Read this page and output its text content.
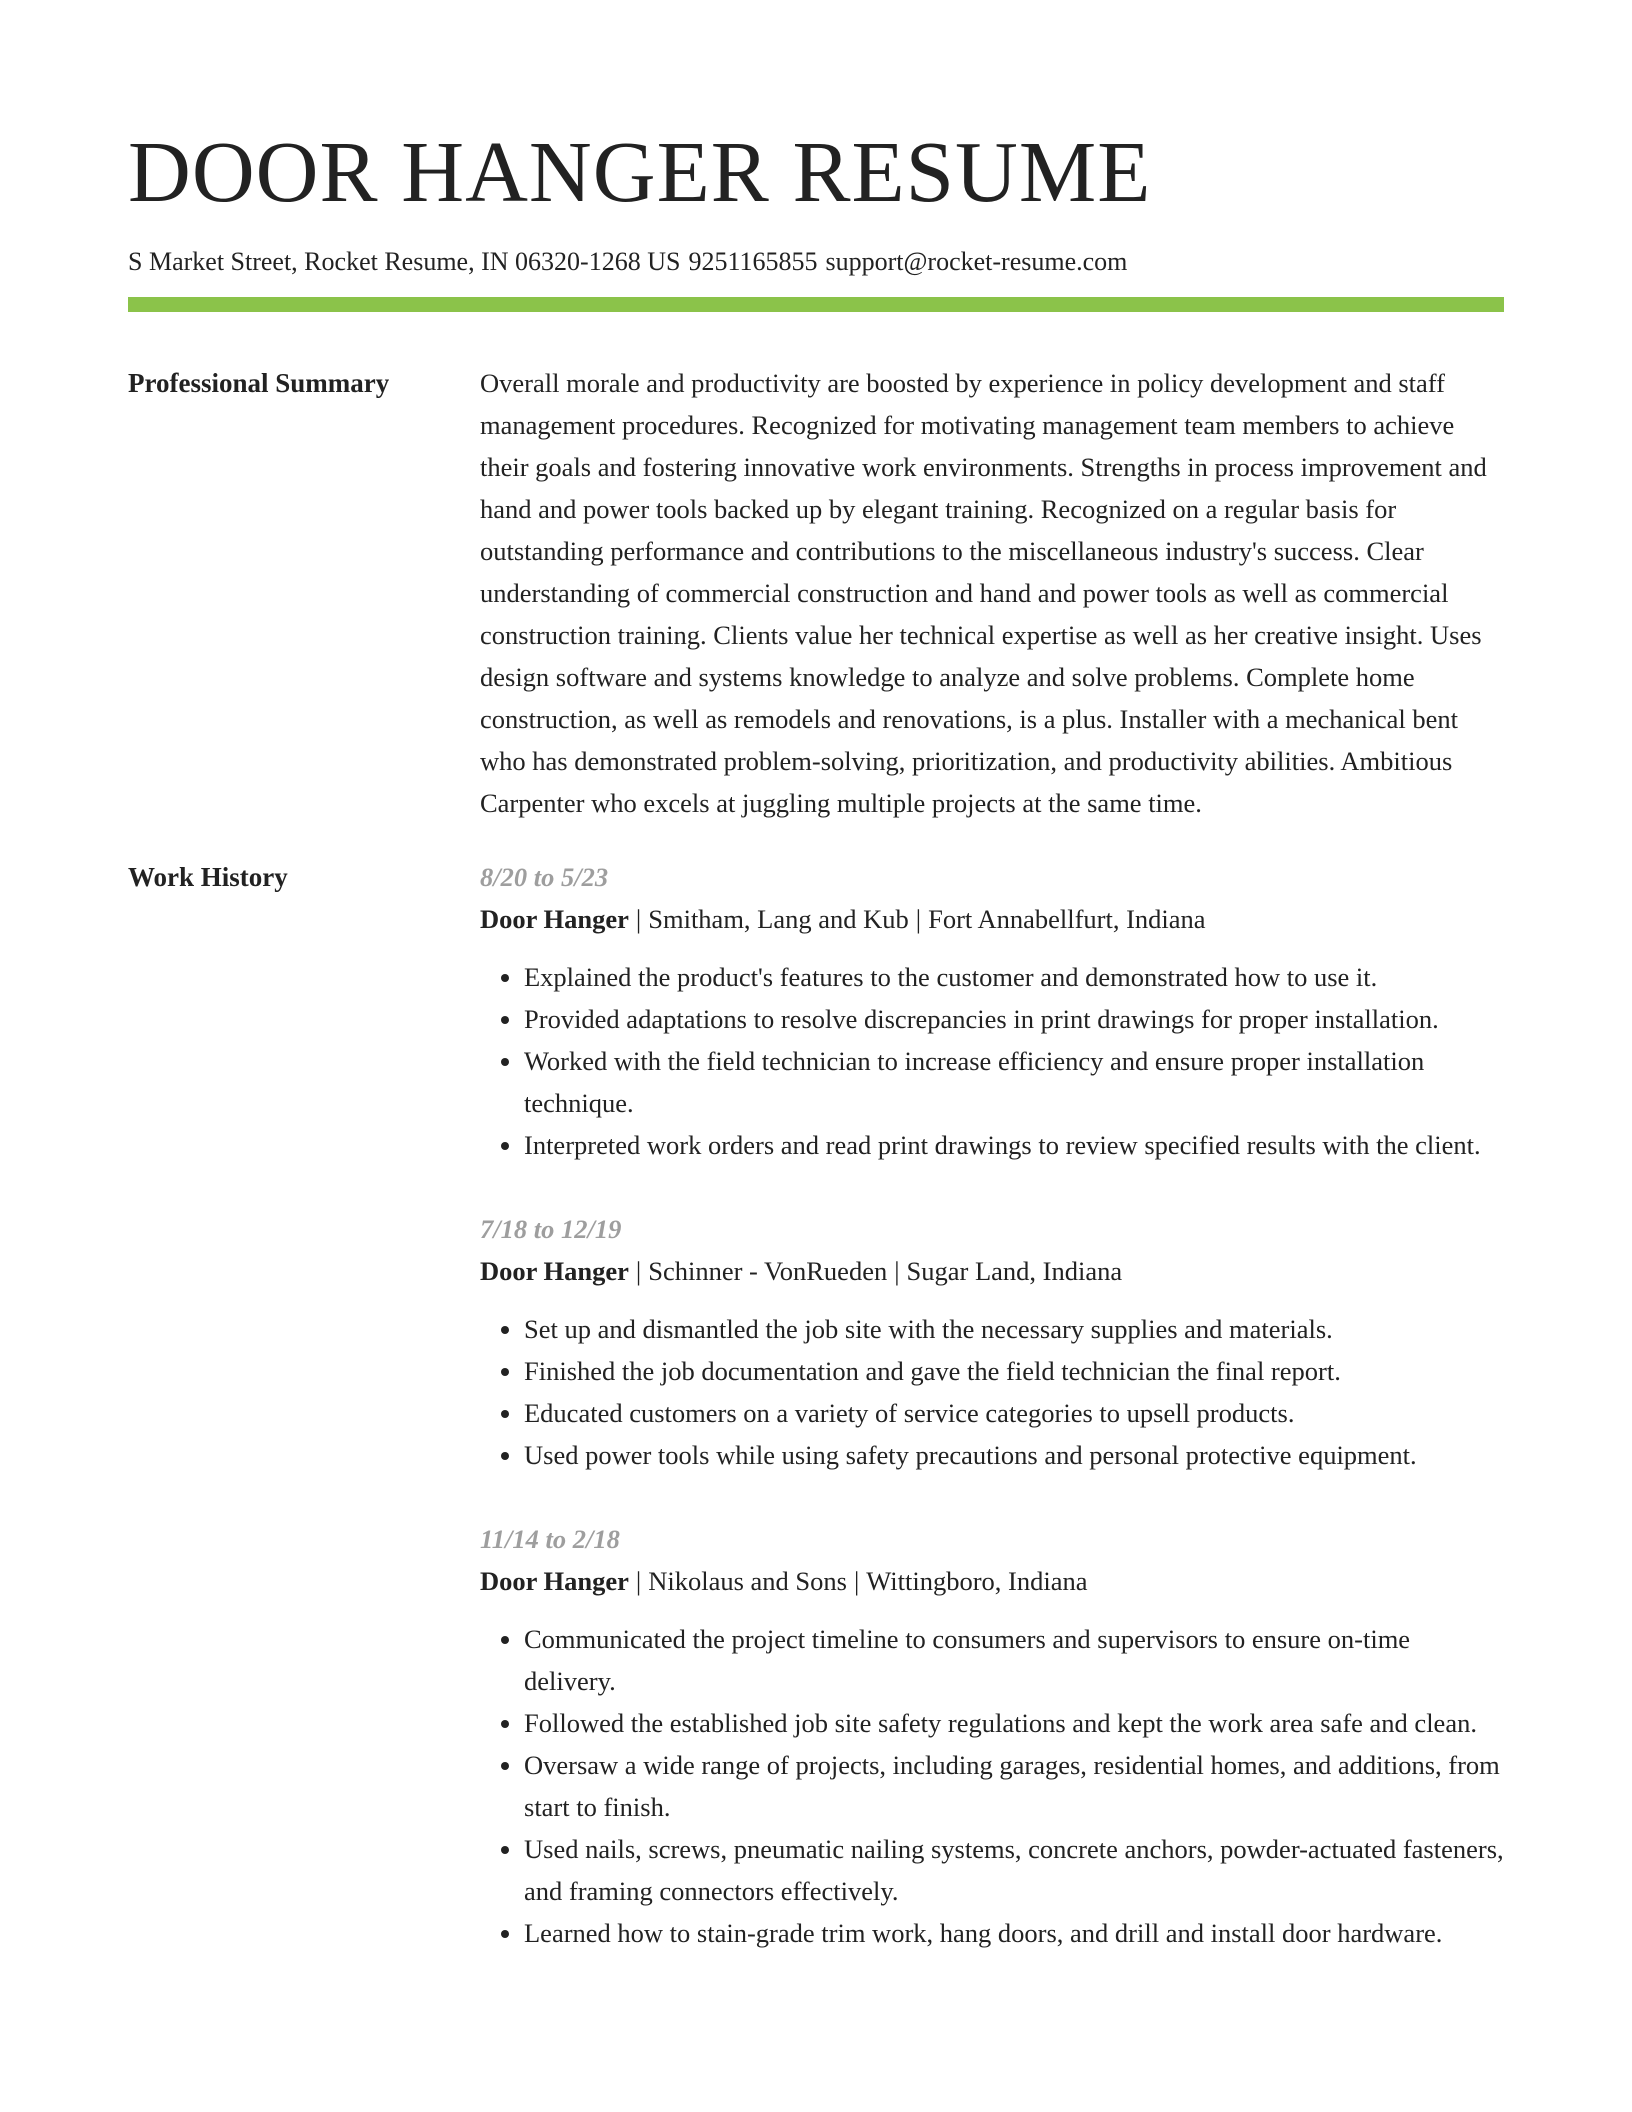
DOOR HANGER RESUME
S Market Street, Rocket Resume, IN 06320-1268 US 9251165855 support@rocket-resume.com
Professional Summary	Overall morale and productivity are boosted by experience in policy development and staff management procedures. Recognized for motivating management team members to achieve their goals and fostering innovative work environments. Strengths in process improvement and hand and power tools backed up by elegant training. Recognized on a regular basis for outstanding performance and contributions to the miscellaneous industry's success. Clear understanding of commercial construction and hand and power tools as well as commercial construction training. Clients value her technical expertise as well as her creative insight. Uses design software and systems knowledge to analyze and solve problems. Complete home construction, as well as remodels and renovations, is a plus. Installer with a mechanical bent who has demonstrated problem-solving, prioritization, and productivity abilities. Ambitious Carpenter who excels at juggling multiple projects at the same time.

Work History	8/20 to 5/23
Door Hanger | Smitham, Lang and Kub | Fort Annabellfurt, Indiana
• Explained the product's features to the customer and demonstrated how to use it.
• Provided adaptations to resolve discrepancies in print drawings for proper installation.
• Worked with the field technician to increase efficiency and ensure proper installation technique.
• Interpreted work orders and read print drawings to review specified results with the client.
7/18 to 12/19
Door Hanger | Schinner - VonRueden | Sugar Land, Indiana
• Set up and dismantled the job site with the necessary supplies and materials.
• Finished the job documentation and gave the field technician the final report.
• Educated customers on a variety of service categories to upsell products.
• Used power tools while using safety precautions and personal protective equipment.
11/14 to 2/18
Door Hanger | Nikolaus and Sons | Wittingboro, Indiana
• Communicated the project timeline to consumers and supervisors to ensure on-time delivery.
• Followed the established job site safety regulations and kept the work area safe and clean.
• Oversaw a wide range of projects, including garages, residential homes, and additions, from start to finish.
• Used nails, screws, pneumatic nailing systems, concrete anchors, powder-actuated fasteners, and framing connectors effectively.
• Learned how to stain-grade trim work, hang doors, and drill and install door hardware.
